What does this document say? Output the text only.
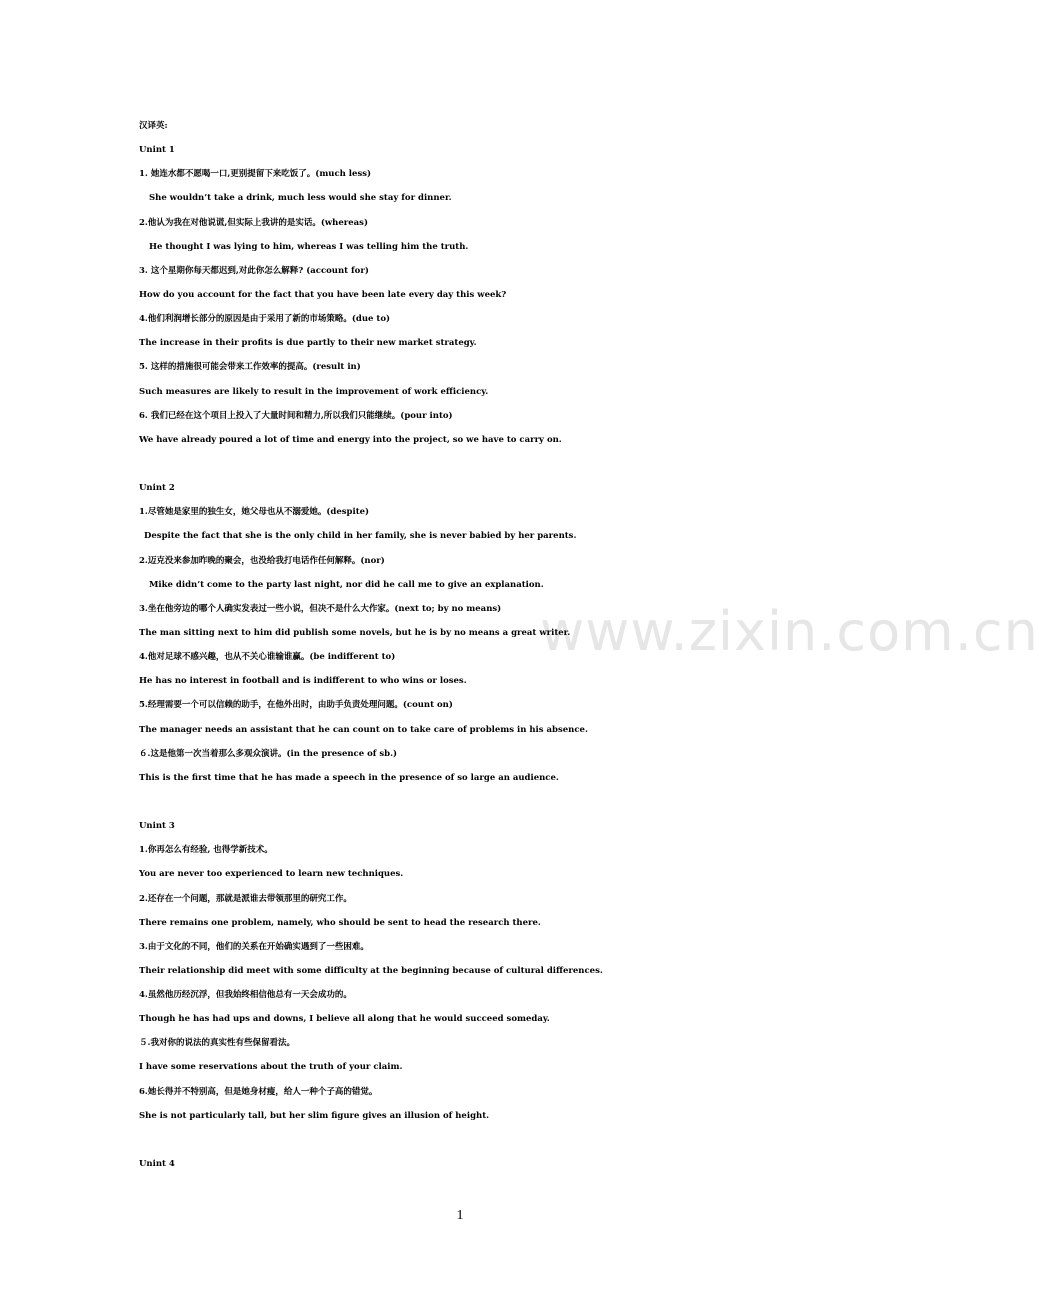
www.zixin.com.cn

汉译英:

Unint 1

1. 她连水都不愿喝一口,更别提留下来吃饭了。(much less)

She wouldn’t take a drink, much less would she stay for dinner.

2.他认为我在对他说谎,但实际上我讲的是实话。(whereas)

He thought I was lying to him, whereas I was telling him the truth.

3. 这个星期你每天都迟到,对此你怎么解释? (account for)

How do you account for the fact that you have been late every day this week?

4.他们利润增长部分的原因是由于采用了新的市场策略。(due to)

The increase in their profits is due partly to their new market strategy.

5. 这样的措施很可能会带来工作效率的提高。(result in)

Such measures are likely to result in the improvement of work efficiency.

6. 我们已经在这个项目上投入了大量时间和精力,所以我们只能继续。(pour into)

We have already poured a lot of time and energy into the project, so we have to carry on.

Unint 2

1.尽管她是家里的独生女，她父母也从不溺爱她。(despite)

Despite the fact that she is the only child in her family, she is never babied by her parents.

2.迈克没来参加昨晚的聚会，也没给我打电话作任何解释。(nor)

Mike didn’t come to the party last night, nor did he call me to give an explanation.

3.坐在他旁边的哪个人确实发表过一些小说，但决不是什么大作家。(next to; by no means)

The man sitting next to him did publish some novels, but he is by no means a great writer.

4.他对足球不感兴趣，也从不关心谁输谁赢。(be indifferent to)

He has no interest in football and is indifferent to who wins or loses.

5.经理需要一个可以信赖的助手，在他外出时，由助手负责处理问题。(count on)

The manager needs an assistant that he can count on to take care of problems in his absence.

６.这是他第一次当着那么多观众演讲。(in the presence of sb.)

This is the first time that he has made a speech in the presence of so large an audience.

Unint 3

1.你再怎么有经验, 也得学新技术。

You are never too experienced to learn new techniques.

2.还存在一个问题，那就是派谁去带领那里的研究工作。

There remains one problem, namely, who should be sent to head the research there.

3.由于文化的不同，他们的关系在开始确实遇到了一些困难。

Their relationship did meet with some difficulty at the beginning because of cultural differences.

4.虽然他历经沉浮，但我始终相信他总有一天会成功的。

Though he has had ups and downs, I believe all along that he would succeed someday.

５.我对你的说法的真实性有些保留看法。

I have some reservations about the truth of your claim.

6.她长得并不特别高，但是她身材瘦，给人一种个子高的错觉。

She is not particularly tall, but her slim figure gives an illusion of height.

Unint 4

1
